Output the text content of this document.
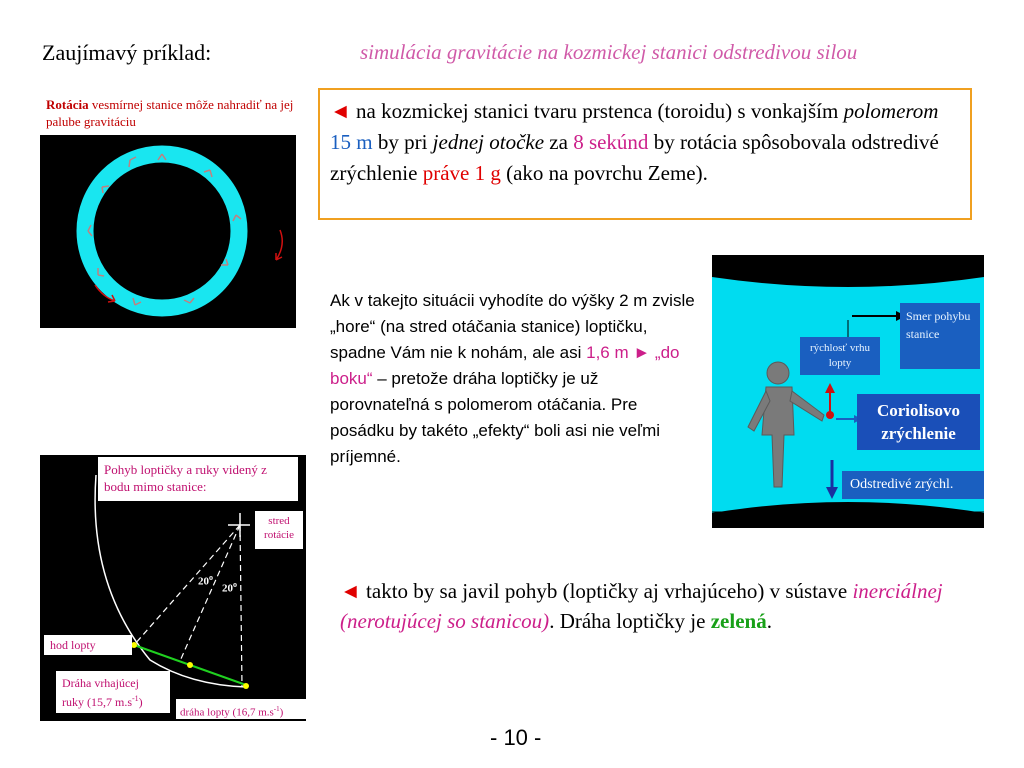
Zaujímavý príklad:	simulácia gravitácie na kozmickej stanici odstredivou silou
Rotácia vesmírnej stanice môže nahradiť na jej palube gravitáciu	◄ na kozmickej stanici tvaru prstenca (toroidu) s vonkajším polomerom 15 m by pri jednej otočke za 8 sekúnd by rotácia spôsobovala odstredivé zrýchlenie práve 1 g (ako na povrchu Zeme).
Ak v takejto situácii vyhodíte do výšky 2 m zvisle „hore“ (na stred otáčania stanice) loptičku, spadne Vám nie k nohám, ale asi 1,6 m ► „do boku“ – pretože dráha loptičky je už porovnateľná s polomerom otáčania. Pre posádku by takéto „efekty“ boli asi nie veľmi príjemné.
Smer pohybu stanice
rýchlosť vrhu lopty
Coriolisovo zrýchlenie
Odstredivé zrýchl.
Pohyb loptičky a ruky videný z bodu mimo stanice:
stred rotácie
20$^o$
20$^o$
hod lopty
Dráha vrhajúcej
ruky (15,7 $m.s^{-1}$)
dráha lopty (16,7 $m.s^{-1}$)
◄ takto by sa javil pohyb (loptičky aj vrhajúceho) v sústave inerciálnej (nerotujúcej so stanicou). Dráha loptičky je zelená.
- 10 -
